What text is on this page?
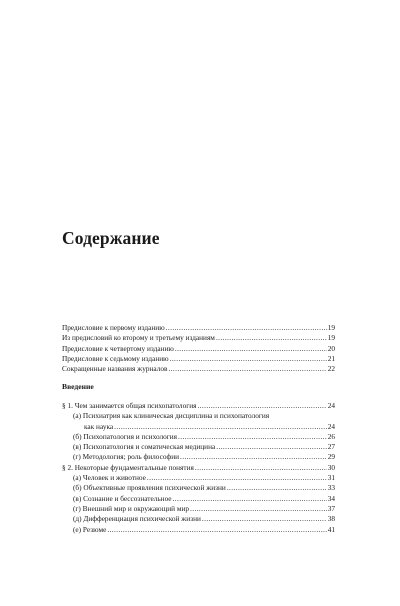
Содержание
Предисловие к первому изданию .....	19
Из предисловий ко второму и третьему изданиям .....	19
Предисловие к четвертому изданию .....	20
Предисловие к седьмому изданию .....	21
Сокращенные названия журналов .....	22
Введение
§ 1. Чем занимается общая психопатология .....	24
(а) Психиатрия как клиническая дисциплина и психопатология
как наука .....	24
(б) Психопатология и психология .....	26
(в) Психопатология и соматическая медицина .....	27
(г) Методология; роль философии .....	29
§ 2. Некоторые фундаментальные понятия .....	30
(а) Человек и животное .....	31
(б) Объективные проявления психической жизни .....	33
(в) Сознание и бессознательное .....	34
(г) Внешний мир и окружающий мир .....	37
(д) Дифференциация психической жизни .....	38
(е) Резюме .....	41
